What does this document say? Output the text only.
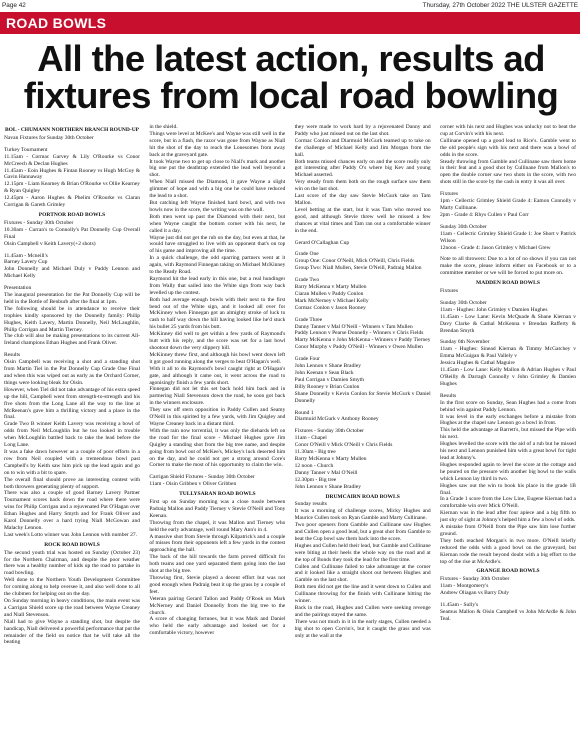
Page 42	Thursday, 27th October 2022 THE ULSTER GAZETTE
ROAD BOWLS
All the latest action, results ad fixtures from local road bowling
BOL - CHUMANN NORTHERN BRANCH ROUND-UP
Navan Fixtures for Sunday 30th October
Turkey Tournament
11.15am - Cormac Garvey & Lily O'Rourke vs Conor McCreech & Declan Hughes
11.45am - Eoin Hughes & Fintan Rooney vs Hugh McGoy & Gavin Hannaway
12.15pm - Liam Kearney & Brian O'Rourke vs Ollie Kearney & Ryan Quigley
12.45pm - Aaron Hughes & Phelim O'Rourke vs Ciaran Corrigan & Gareth Grimley
PORTNOR ROAD BOWLS
Fixtures - Sunday 30th October
10.30am - Curran's to Connolly's Pat Donnelly Cup Overall Final
Oisin Campbell v Keith Lavery(+2 shots)
11.45am - Mcneill's
Barney Lavery Cup
John Donnelly and Michael Duly v Paddy Lennon and Michael Kelly
Presentation
The inaugural presentation for the Pat Donnelly Cup will be held in the Bottle of Benburb after the final at 1pm.
The following should be in attendance to receive their trophies kindly sponsored by the Donnelly family: Philip Hughes, Keith Lavery, Martin Donnelly, Neil McLaughlin, Philip Corrigan and Martin Tierney.
The club will also be making presentations to its current All-Ireland champions Ethan Hughes and Frank Oliver.
Results
Oisin Campbell was receiving a shot and a standing shot from Martin Tiel in the Pat Donnelly Cup Grade One Final and when this was wiped out as early as the Orchard Corner, things were looking bleak for Oisin.
However, when Tiel did not take advantage of his extra speed up the hill, Campbell went from strength-to-strength and his five shots from the Long Lane all the way to the line at McReenan's gave him a thrilling victory and a place in the final.
Grade Two B winner Keith Lavery was receiving a bowl of odds from Neil McLoughlin but he too looked in trouble when McLoughlin battled back to take the lead before the Long Lane.
It was a fake dawn however as a couple of poor efforts in a row from Neil coupled with a tremendous bowl past Campbell's by Keith saw him pick up the lead again and go on to win with a bit to spare.
The overall final should prove an interesting contest with both throwers generating plenty of support.
There was also a couple of good Barney Lavery Partner Tournament scores back down the road where there were wins for Philip Corrigan and a rejuvenated Pat O'Hagan over Ethan Hughes and Harry Smyth and for Frank Oliver and Karol Donnelly over a hard trying Niall McGowan and Malachy Lennon.
Last week's Lotto winner was John Lennon with number 27.
ROCK ROAD BOWLS
The second youth trial was hosted on Sunday (October 23) for the Northern Chairman, and despite the poor weather there was a healthy number of kids up the road to partake in road bowling.
Well done to the Northern Youth Development Committee for coming along to help oversee it, and also well done to all the clubmen for helping out on the day.
On Sunday morning in heavy conditions, the main event was a Carrigan Shield score up the road between Wayne Creaney and Niall Stevenson.
Niall had to give Wayne a standing shot, but despite the handicap, Niall delivered a powerful performance that put the remainder of the field on notice that he will take all the beating
in the shield.
Things were level at McKee's and Wayne was still well in the score, but in a flash, the razor was gone from Wayne as Niall hit the shot of the day to reach the Lonesomes from away back at the graveyard gate.
It took Wayne two to get up close to Niall's mark and another big one put the deathtrap extended the lead well beyond a shot.
When Niall missed the Diamond, it gave Wayne a slight glimmer of hope and with a big one he could have reduced the lead to a shot.
But catching left Wayne finished hard bowl, and with two bowls now in the score, the writing was on the wall.
Both men went up past the Diamond with their next, but when Wayne caught the bottom corner with his next, he called it a day.
Wayne just did not get the rub on the day, but even at that, he would have struggled to live with an opponent that's on top of his game and improving all the time.
In a quick challenge, the odd sparring partners went at it again, with Raymond Finnegan taking on Michael McKinney to the Ready Road.
Raymond hit the lead early in this one, but a real hundinger from Wally that sailed into the White sign from way back levelled up the contest.
Both had average enough bowls with their next to the first bend out of the White sign, and it looked all over for McKinney when Finnegan got an almighty stroke of luck to cash to half way down the hill having looked like he'd stuck his bullet 25 yards from his butt.
McKinney did well to get within a few yards of Raymond's butt with his reply, and the score was set for a last bowl shootout down the very slippery hill.
McKinney threw first, and although his bowl went down left it got good running along the verges to beat O'Hagan's well.
With it all to do Raymond's bowl caught right at O'Hagan's gate, and although it came out, it went across the road to agonisingly finish a few yards short.
Finnegan did not let this set back hold him back and in partnering Niall Stevenson down the road, he soon got back in the winners enclosure.
They saw off stern opposition in Paddy Cullen and Seamy O'Neill in this spirited by a few yards, with Jim Quigley and Wayne Creaney back in a distant third.
With the rain now torrential, it was only the diehards left on the road for the final score - Michael Hughes gave Jim Quigley a standing shot from the big tree name, and despite going from bowl out of McKee's, Mickey's luck deserted him on the day, and he could not get a strong around Core's Corner to make the most of his opportunity to claim the win.
Carrigan Shield Fixtures - Sunday 30th October
11am - Oisin Gribben v Oliver Gribben
TULLYSARAN ROAD BOWLS
First up on Sunday morning was a close tussle between Padraig Mallon and Paddy Tierney v Stevie O'Neill and Tony Keenan.
Throwing from the chapel, it was Mallon and Tierney who held the early advantage, well round Mary Ann's in 4.
A massive shot from Stevie through Kilpatrick's and a couple of misses from their opponents left a few yards in the contest approaching the hall.
The back of the hill towards the farm proved difficult for both teams and one yard separated them going into the last shot at the big tree.
Throwing first, Stevie played a decent effort but was not good enough when Padraig beat it up the grass by a couple of feet.
Veteran pairing Gerard Tallon and Paddy O'Rook on Mark McNerney and Daniel Donnelly from the big tree to the church.
A score of changing fortunes, but it was Mark and Daniel who held the early advantage and looked set for a comfortable victory, however
they were made to work hard by a rejuvenated Danny and Paddy who just missed out on the last shot.
Cormac Conlon and Diarmuid McGurk teamed up to take on the challenge of Michael Kelly and Jim Morgan from the hall.
Both teams missed chances early on and the score really only got interesting after Paddy O's where big Kev and young Michael asserted.
Very steady from them both on the rough surface saw them win on the last shot.
Last score of the day saw Stevie McGurk take on Tam Mallon.
Level betting at the start, but it was Tam who moved too good, and although Stevie threw well he missed a few chances at vital times and Tam ran out a comfortable winner in the end.
Gerard O'Callaghan Cup
Grade One
Group One: Conor O'Neill, Mick O'Neill, Chris Fields
Group Two: Niall Mullen, Stevie O'Neill, Padraig Mallon
Grade Two
Barry McKenna v Marty Mullen
Ciaran Mullen v Paddy Conlon
Mark McNerney v Michael Kelly
Cormac Conlon v Jason Rooney
Grade Three
Danny Tanner v Mal O'Neill - Winners v Tam Mullen
Paddy Lennon v Pearse Donnelly - Winners v Chris Fields
Marty McKenna v John McKenna - Winners v Paddy Tierney
Conor Murphy v Paddy O'Neill - Winners v Owen Mullen
Grade Four
John Lennon v Shane Bradley
John Keenan v Sean Black
Paul Corrigan v Damien Smyth
Billy Rooney v Brian Conlon
Shane Donnelly v Kevin Conlon for Stevie McGurk v Daniel Donnelly
Round 1
Diarmuid McGurk v Anthony Rooney
Fixtures - Sunday 30th October
11am - Chapel
Conor O'Neill v Mick O'Neill v Chris Fields
11.30am - Big tree
Barry McKenna v Marty Mullen
12 noon - Church
Danny Tanner v Mal O'Neill
12.30pm - Big tree
John Lennon v Shane Bradley
DRUMCAIRN ROAD BOWLS
Sunday results
It was a morning of challenge scores, Micky Hughes and Maurice Cullen took on Ryan Gamble and Marty Cullinane.
Two poor openers from Gamble and Cullinane saw Hughes and Cullen open a good lead, but a great shot from Gamble to beat the Cup bowl saw them back into the score.
Hughes and Cullen held their lead, but Gamble and Cullinane were biting at their heels the whole way on the road and at the top of Bonds they took the lead for the first time.
Cullen and Cullinane failed to take advantage at the corner and it looked like a straight shoot out between Hughes and Gamble on the last shot.
Both men did not get the line and it went down to Cullen and Cullinane throwing for the finish with Cullinane hitting the winner.
Back in the road, Hughes and Cullen were seeking revenge and the pairings stayed the same.
There was not much in it in the early stages, Cullen needed a big shot to open Corvin's, but it caught the grass and was only at the wall at the
corner with his next and Hughes was unlucky not to beat the cup at Corvin's with his next.
Cullinane opened up a good lead to Rice's. Gamble went to the old people's sign with his next and there was a bowl of odds in the score.
Steady throwing from Gamble and Cullinane saw them home in their feat and a good shot by Cullinane from Mallon's to open the double corner saw two shots in the score, with two shots still in the score by the cash in entry it was all over.
Fixtures
1pm - Cellectic Grimley Shield Grade 4: Eamon Connolly v Marty Cullinane.
2pm - Grade 4: Rhys Cullen v Paul Corr
Sunday 30th October
11am - Cellectic Grimley Shield Grade 1: Joe Short v Patrick Wilson
12noon - Grade 4: Jason Grimley v Michael Grew
Note to all throwers: Due to a lot of no shows if you can not make the score, please inform either on Facebook or to a committee member or we will be forced to put more on.
MADDEN ROAD BOWLS
Fixtures
Sunday 30th October
11am - Hughes: John Grimley v Damien Hughes
11.45am - Low Lane: Kevin McQuade & Shane Kiernan v Davy Clarke & Cathal McKenna v Brendan Rafferty & Brendan Smyth
Sunday 6th November
11am - Hughes: Sinead Kiernan & Timmy McGatchey v Emma McGuigan & Paul Vallely v
Jessica Hughes & Cathal Maguire
11.45am - Low Lane: Kelly Mallon & Adrian Hughes v Paul O'Reilly & Darragh Connolly v John Grimley & Damien Hughes
Results
In the first score on Sunday, Sean Hughes had a come from behind win against Paddy Lennon.
It was level in the early exchanges before a mistake from Hughes at the chapel saw Lennon go a bowl in front.
This held the advantage at Barrett's, but missed the Pipe with his next.
Hughes levelled the score with the aid of a rub but he missed his next and Lennon punished him with a great bowl for tight lead at Johnny's.
Hughes responded again to level the score at the cottage and he poured on the pressure with another big bowl to the walls which Lennon lay third in two.
Hughes saw out the win to book his place in the grade 1B final.
In a Grade 1 score from the Low Line, Eugene Kiernan had a comfortable win over Mick O'Neill.
Kiernan was in the lead after four apiece and a big fifth to just shy of sight at Johnny's helped him a few a bowl of odds.
A mistake from O'Neill from the Pipe saw him lose further ground.
They both reached Morgan's in two more. O'Neill briefly reduced the odds with a good bowl on the graveyard, but Kiernan rode the result beyond doubt with a big effort to the top of the rise at McArdle's.
GRANGE ROAD BOWLS
Fixtures - Sunday 30th October
11am - Montgomery's
Andrew Oliagan vs Barry Duly
11.45am - Sully's
Seamus Mallon & Oisin Campbell vs John McArdle & John Teal.
